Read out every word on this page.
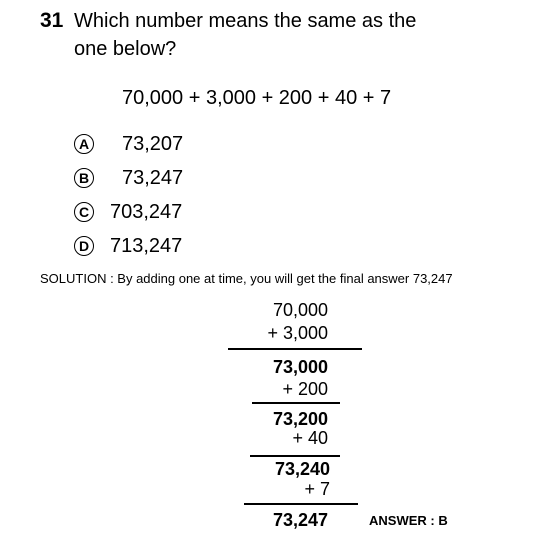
31 Which number means the same as the
one below?
70,000 + 3,000 + 200 + 40 + 7
A 73,207
B 73,247
C 703,247
D 713,247
SOLUTION : By adding one at time, you will get the final answer 73,247
70,000
+ 3,000
73,000
+ 200
73,200
+ 40
73,240
+ 7
73,247	ANSWER : B
